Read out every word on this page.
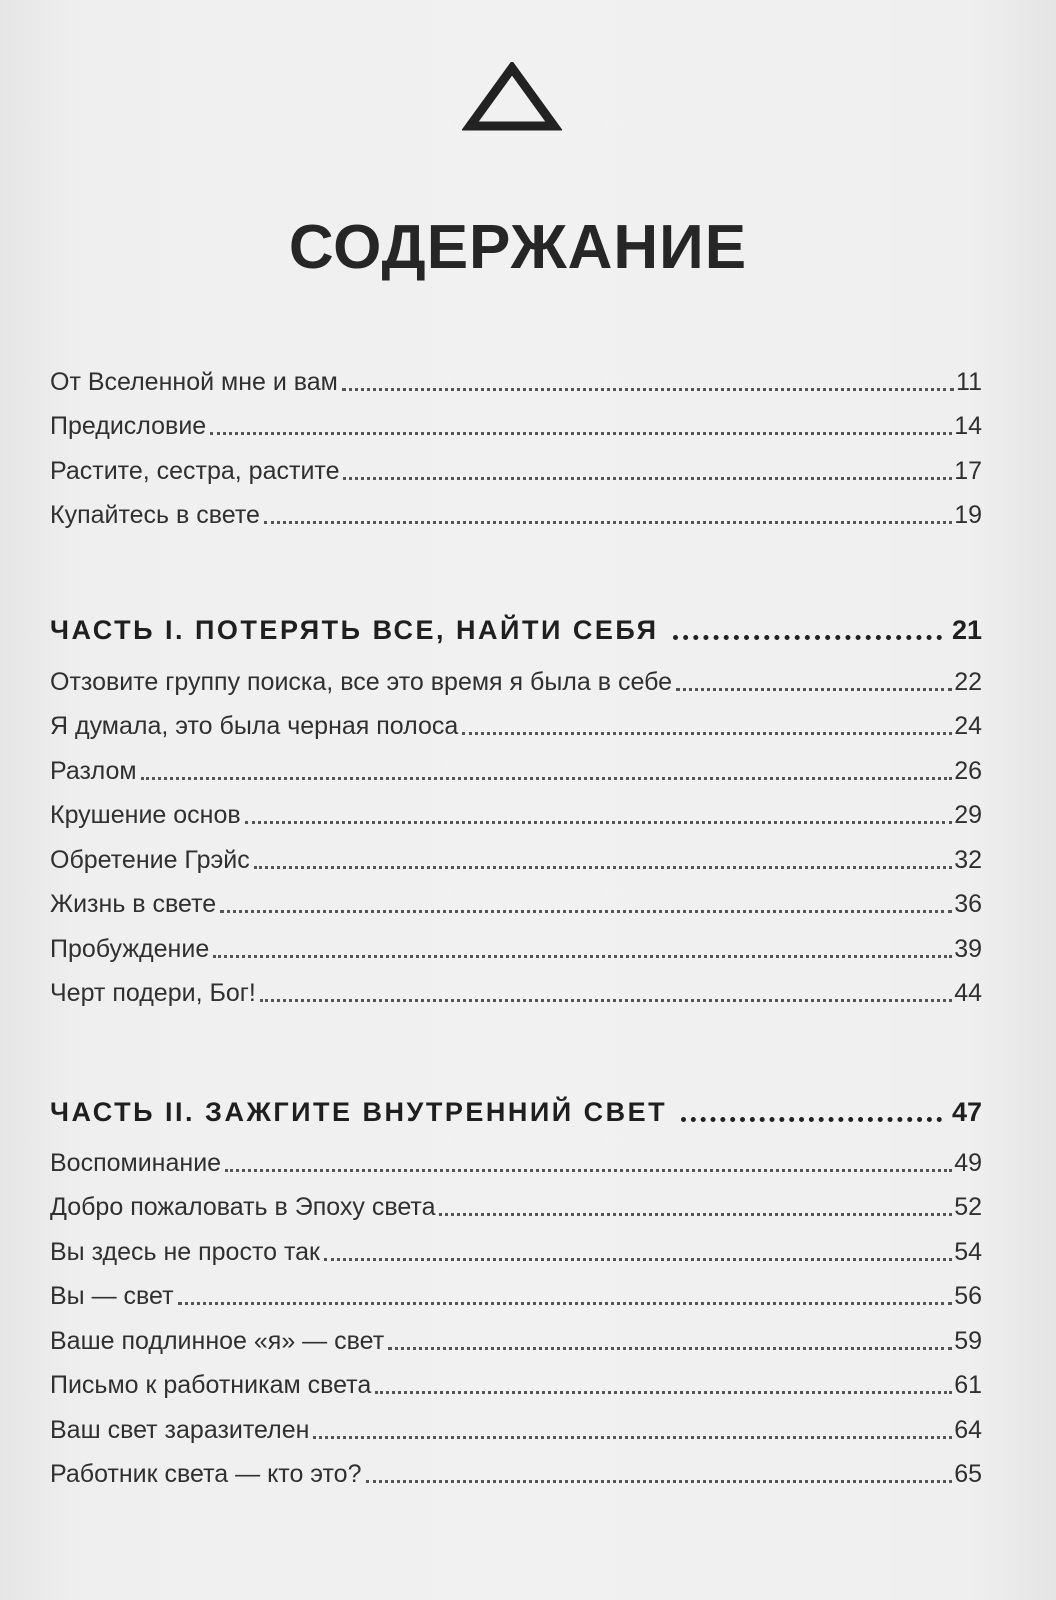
СОДЕРЖАНИЕ
От Вселенной мне и вам	11
Предисловие	14
Растите, сестра, растите	17
Купайтесь в свете	19
ЧАСТЬ I. ПОТЕРЯТЬ ВСЕ, НАЙТИ СЕБЯ	21
Отзовите группу поиска, все это время я была в себе	22
Я думала, это была черная полоса	24
Разлом	26
Крушение основ	29
Обретение Грэйс	32
Жизнь в свете	36
Пробуждение	39
Черт подери, Бог!	44
ЧАСТЬ II. ЗАЖГИТЕ ВНУТРЕННИЙ СВЕТ	47
Воспоминание	49
Добро пожаловать в Эпоху света	52
Вы здесь не просто так	54
Вы — свет	56
Ваше подлинное «я» — свет	59
Письмо к работникам света	61
Ваш свет заразителен	64
Работник света — кто это?	65
